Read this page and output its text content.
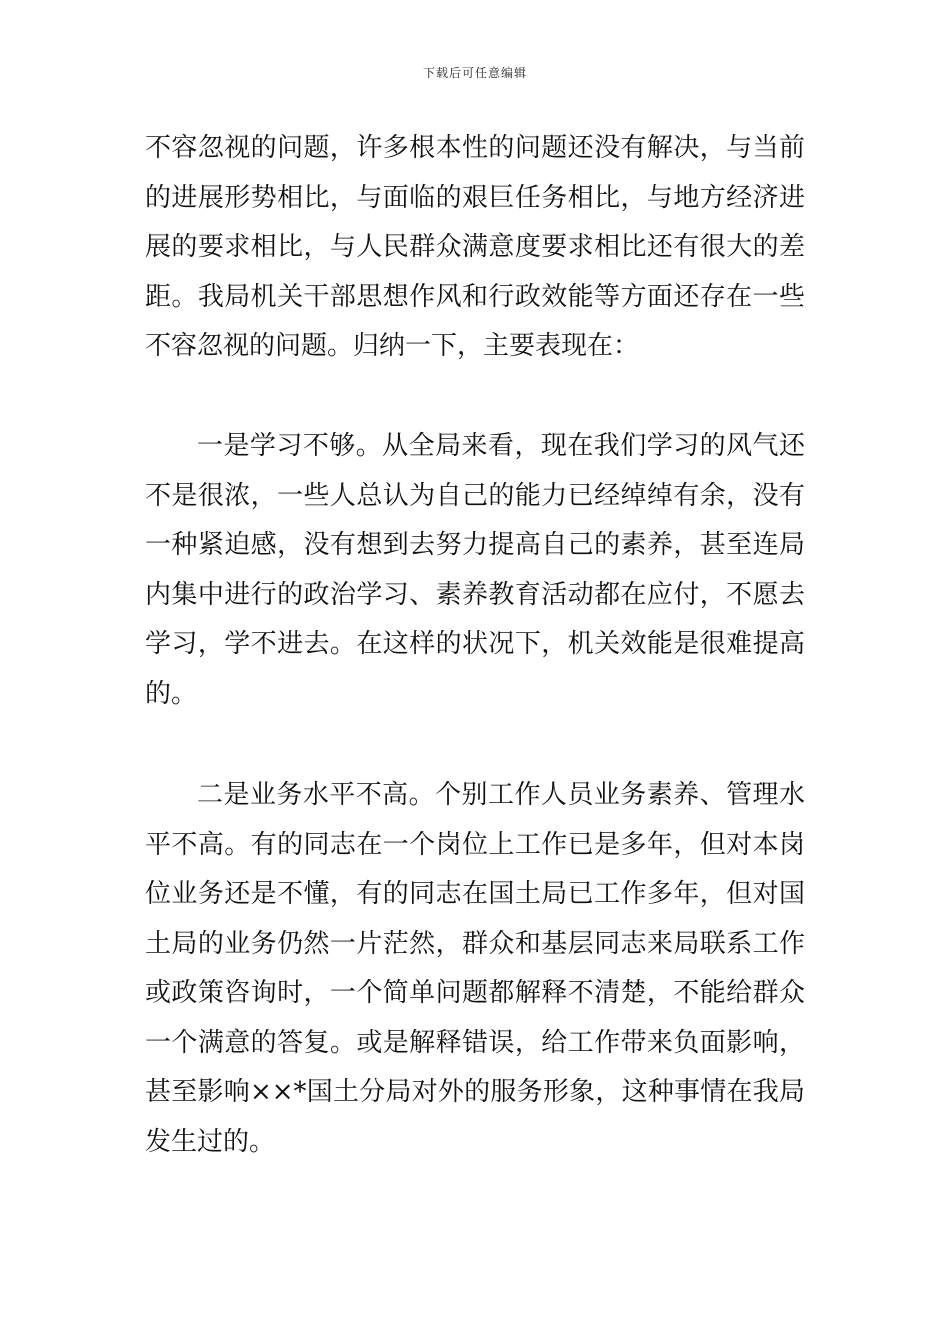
下载后可任意编辑

不容忽视的问题，许多根本性的问题还没有解决，与当前的进展形势相比，与面临的艰巨任务相比，与地方经济进展的要求相比，与人民群众满意度要求相比还有很大的差距。我局机关干部思想作风和行政效能等方面还存在一些不容忽视的问题。归纳一下，主要表现在：

一是学习不够。从全局来看，现在我们学习的风气还不是很浓，一些人总认为自己的能力已经绰绰有余，没有一种紧迫感，没有想到去努力提高自己的素养，甚至连局内集中进行的政治学习、素养教育活动都在应付，不愿去学习，学不进去。在这样的状况下，机关效能是很难提高的。

二是业务水平不高。个别工作人员业务素养、管理水平不高。有的同志在一个岗位上工作已是多年，但对本岗位业务还是不懂，有的同志在国土局已工作多年，但对国土局的业务仍然一片茫然，群众和基层同志来局联系工作或政策咨询时，一个简单问题都解释不清楚，不能给群众一个满意的答复。或是解释错误，给工作带来负面影响，甚至影响××*国土分局对外的服务形象，这种事情在我局发生过的。
